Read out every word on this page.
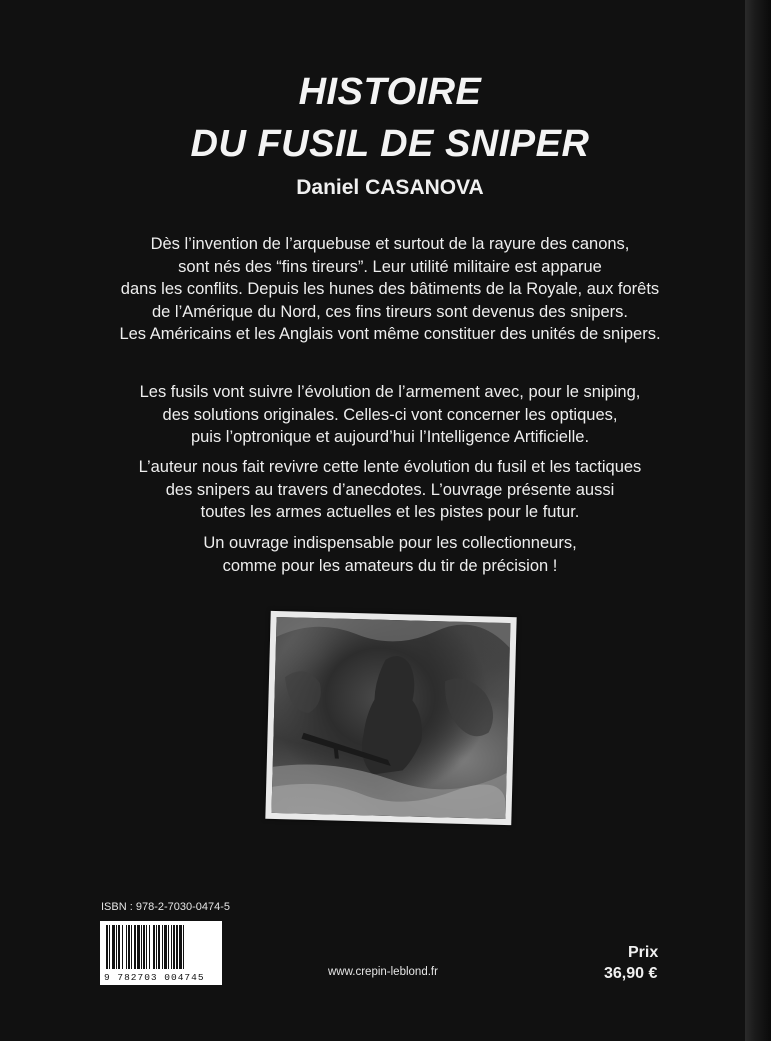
HISTOIRE
DU FUSIL DE SNIPER
Daniel CASANOVA

Dès l’invention de l’arquebuse et surtout de la rayure des canons,

sont nés des “fins tireurs”. Leur utilité militaire est apparue

dans les conflits. Depuis les hunes des bâtiments de la Royale, aux forêts

de l’Amérique du Nord, ces fins tireurs sont devenus des snipers.

Les Américains et les Anglais vont même constituer des unités de snipers.

Les fusils vont suivre l’évolution de l’armement avec, pour le sniping,

des solutions originales. Celles-ci vont concerner les optiques,

puis l’optronique et aujourd’hui l’Intelligence Artificielle.

L’auteur nous fait revivre cette lente évolution du fusil et les tactiques

des snipers au travers d’anecdotes. L’ouvrage présente aussi

toutes les armes actuelles et les pistes pour le futur.

Un ouvrage indispensable pour les collectionneurs,

comme pour les amateurs du tir de précision !

ISBN : 978-2-7030-0474-5
9 782703 004745	www.crepin-leblond.fr
Prix
36,90 €
